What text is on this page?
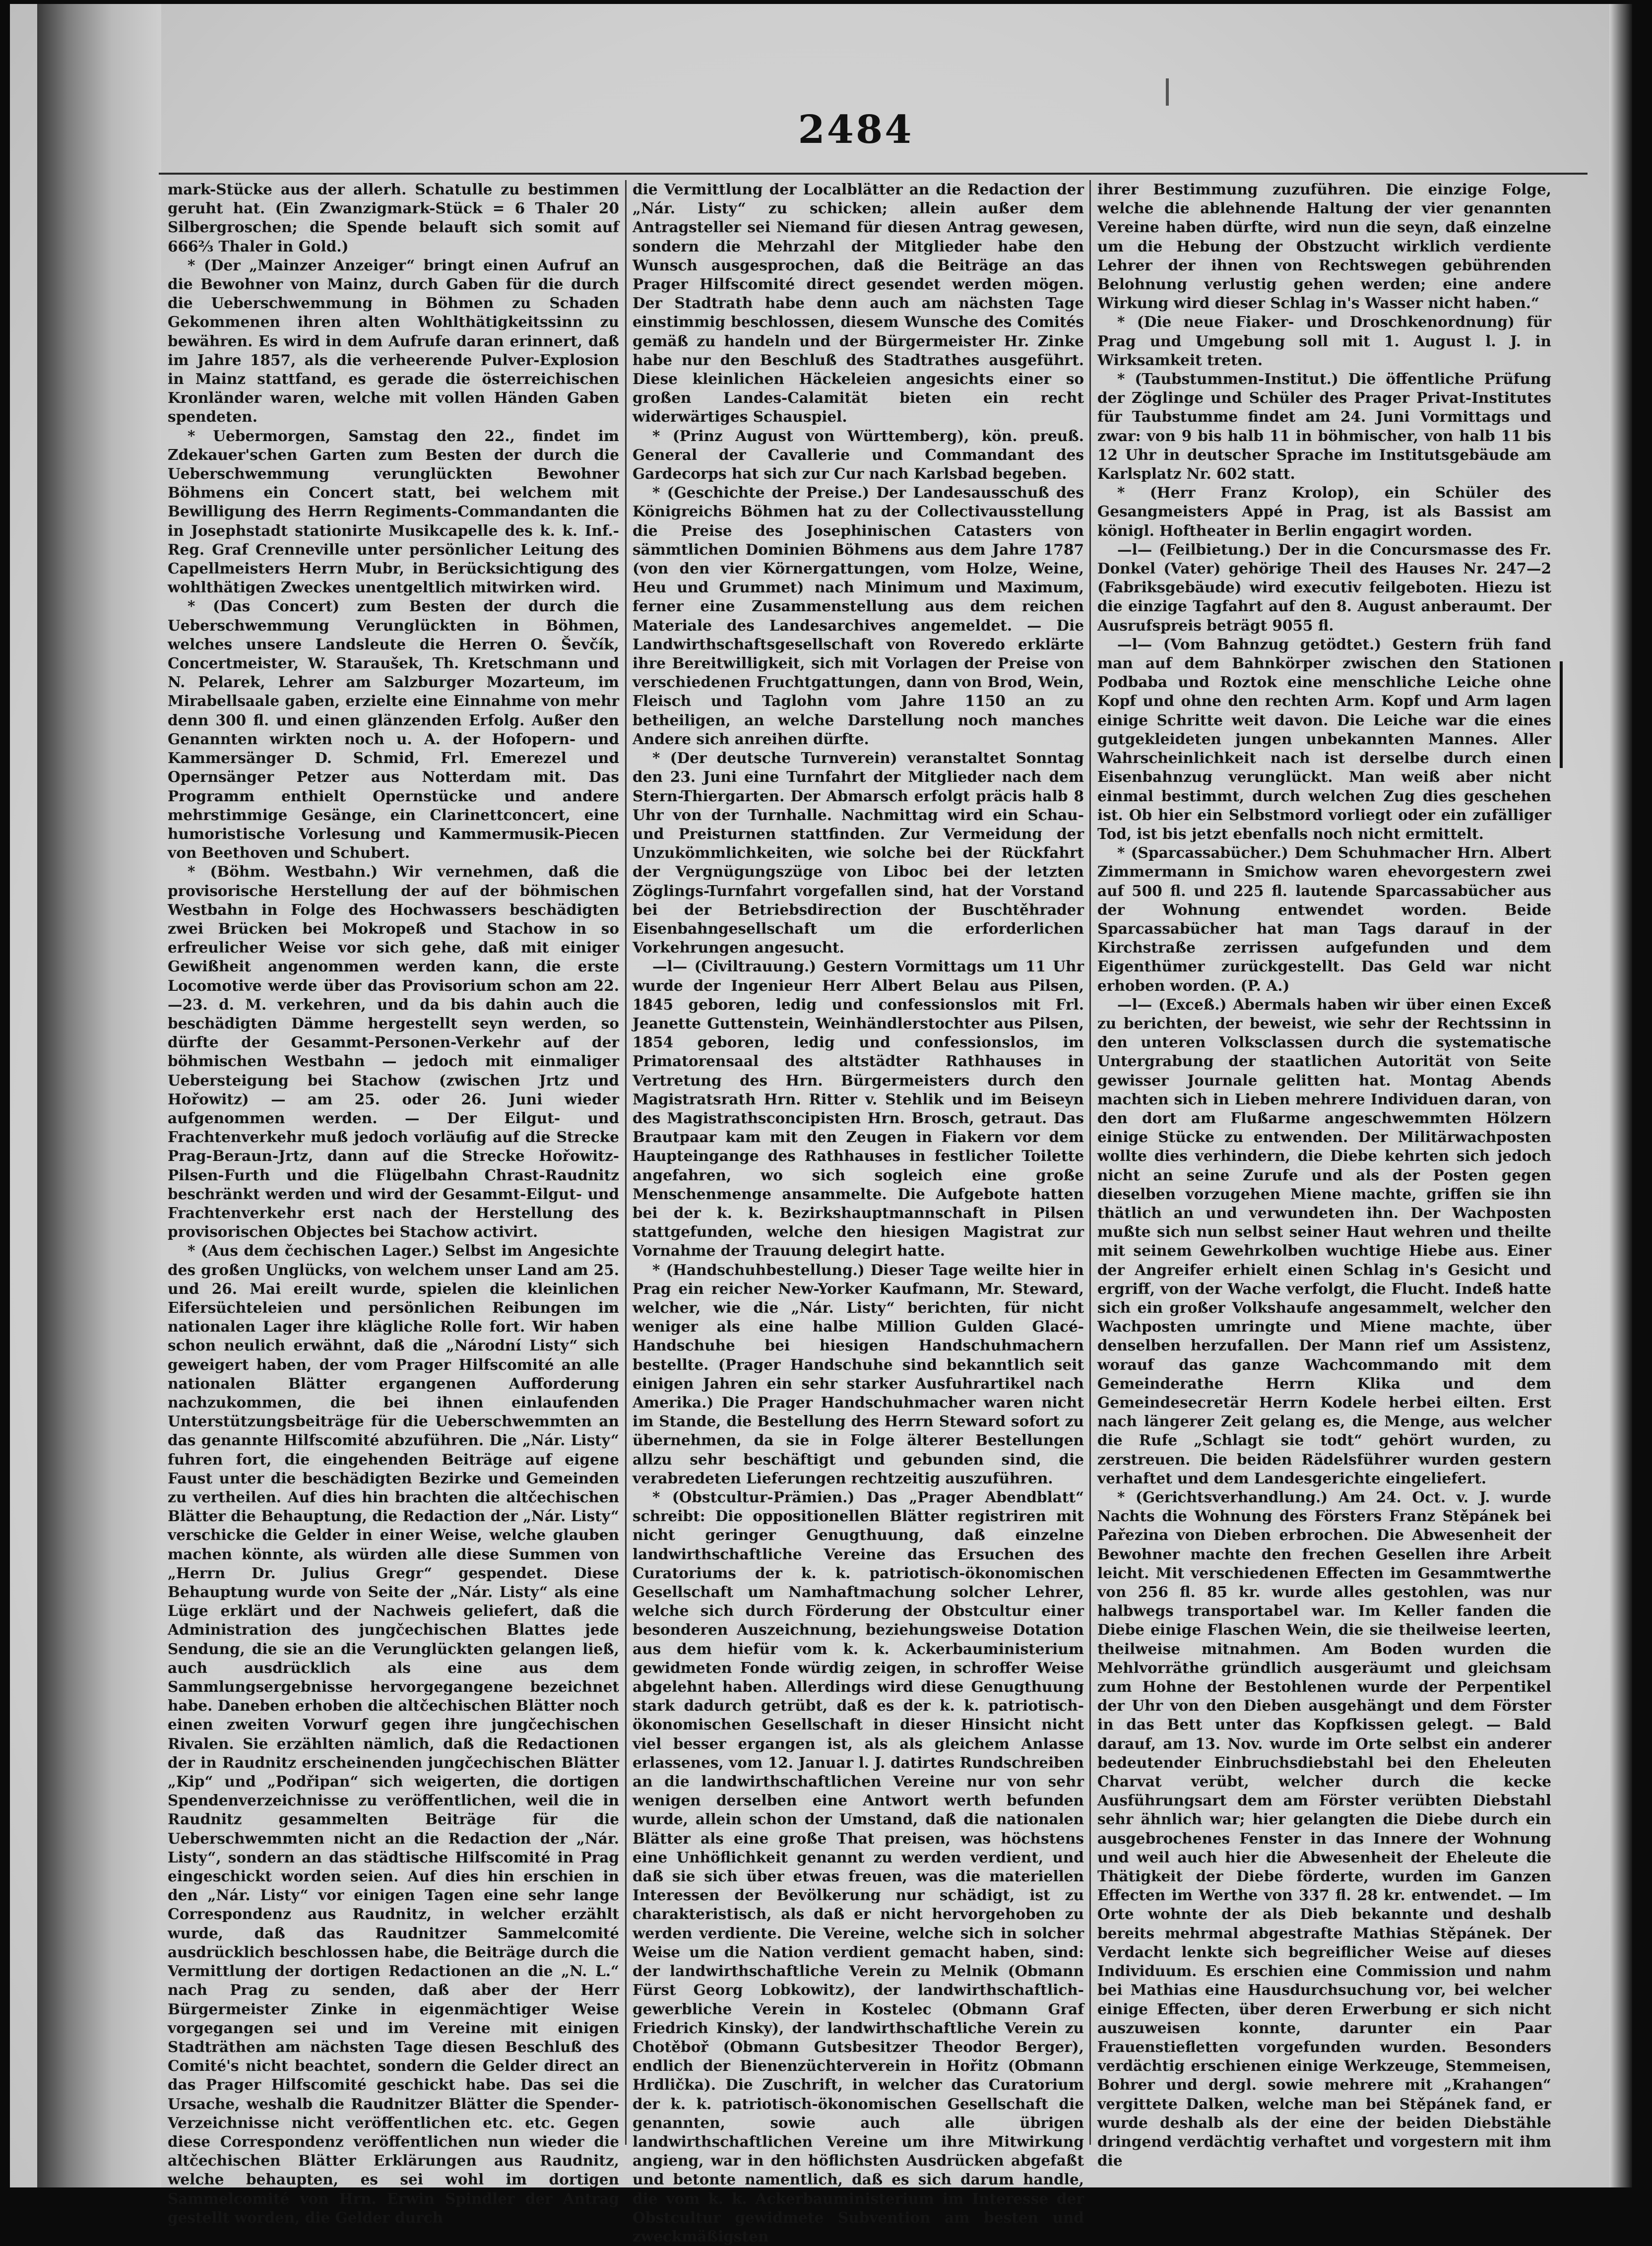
2484

mark-Stücke aus der allerh. Schatulle zu bestimmen geruht hat. (Ein Zwanzigmark-Stück = 6 Thaler 20 Silbergroschen; die Spende belauft sich somit auf 666⅔ Thaler in Gold.)

* (Der „Mainzer Anzeiger“ bringt einen Aufruf an die Bewohner von Mainz, durch Gaben für die durch die Ueberschwemmung in Böhmen zu Schaden Gekommenen ihren alten Wohlthätigkeitssinn zu bewähren. Es wird in dem Aufrufe daran erinnert, daß im Jahre 1857, als die verheerende Pulver-Explosion in Mainz stattfand, es gerade die österreichischen Kronländer waren, welche mit vollen Händen Gaben spendeten.

* Uebermorgen, Samstag den 22., findet im Zdekauer'schen Garten zum Besten der durch die Ueberschwemmung verunglückten Bewohner Böhmens ein Concert statt, bei welchem mit Bewilligung des Herrn Regiments-Commandanten die in Josephstadt stationirte Musikcapelle des k. k. Inf.-Reg. Graf Crenneville unter persönlicher Leitung des Capellmeisters Herrn Mubr, in Berücksichtigung des wohlthätigen Zweckes unentgeltlich mitwirken wird.

* (Das Concert) zum Besten der durch die Ueberschwemmung Verunglückten in Böhmen, welches unsere Landsleute die Herren O. Ševčík, Concertmeister, W. Staraušek, Th. Kretschmann und N. Pelarek, Lehrer am Salzburger Mozarteum, im Mirabellsaale gaben, erzielte eine Einnahme von mehr denn 300 fl. und einen glänzenden Erfolg. Außer den Genannten wirkten noch u. A. der Hofopern- und Kammersänger D. Schmid, Frl. Emerezel und Opernsänger Petzer aus Notterdam mit. Das Programm enthielt Opernstücke und andere mehrstimmige Gesänge, ein Clarinettconcert, eine humoristische Vorlesung und Kammermusik-Piecen von Beethoven und Schubert.

* (Böhm. Westbahn.) Wir vernehmen, daß die provisorische Herstellung der auf der böhmischen Westbahn in Folge des Hochwassers beschädigten zwei Brücken bei Mokropeß und Stachow in so erfreulicher Weise vor sich gehe, daß mit einiger Gewißheit angenommen werden kann, die erste Locomotive werde über das Provisorium schon am 22.—23. d. M. verkehren, und da bis dahin auch die beschädigten Dämme hergestellt seyn werden, so dürfte der Gesammt-Personen-Verkehr auf der böhmischen Westbahn — jedoch mit einmaliger Uebersteigung bei Stachow (zwischen Jrtz und Hořowitz) — am 25. oder 26. Juni wieder aufgenommen werden. — Der Eilgut- und Frachtenverkehr muß jedoch vorläufig auf die Strecke Prag-Beraun-Jrtz, dann auf die Strecke Hořowitz-Pilsen-Furth und die Flügelbahn Chrast-Raudnitz beschränkt werden und wird der Gesammt-Eilgut- und Frachtenverkehr erst nach der Herstellung des provisorischen Objectes bei Stachow activirt.

* (Aus dem čechischen Lager.) Selbst im Angesichte des großen Unglücks, von welchem unser Land am 25. und 26. Mai ereilt wurde, spielen die kleinlichen Eifersüchteleien und persönlichen Reibungen im nationalen Lager ihre klägliche Rolle fort. Wir haben schon neulich erwähnt, daß die „Národní Listy“ sich geweigert haben, der vom Prager Hilfscomité an alle nationalen Blätter ergangenen Aufforderung nachzukommen, die bei ihnen einlaufenden Unterstützungsbeiträge für die Ueberschwemmten an das genannte Hilfscomité abzuführen. Die „Nár. Listy“ fuhren fort, die eingehenden Beiträge auf eigene Faust unter die beschädigten Bezirke und Gemeinden zu vertheilen. Auf dies hin brachten die altčechischen Blätter die Behauptung, die Redaction der „Nár. Listy“ verschicke die Gelder in einer Weise, welche glauben machen könnte, als würden alle diese Summen von „Herrn Dr. Julius Gregr“ gespendet. Diese Behauptung wurde von Seite der „Nár. Listy“ als eine Lüge erklärt und der Nachweis geliefert, daß die Administration des jungčechischen Blattes jede Sendung, die sie an die Verunglückten gelangen ließ, auch ausdrücklich als eine aus dem Sammlungsergebnisse hervorgegangene bezeichnet habe. Daneben erhoben die altčechischen Blätter noch einen zweiten Vorwurf gegen ihre jungčechischen Rivalen. Sie erzählten nämlich, daß die Redactionen der in Raudnitz erscheinenden jungčechischen Blätter „Kip“ und „Podřipan“ sich weigerten, die dortigen Spendenverzeichnisse zu veröffentlichen, weil die in Raudnitz gesammelten Beiträge für die Ueberschwemmten nicht an die Redaction der „Nár. Listy“, sondern an das städtische Hilfscomité in Prag eingeschickt worden seien. Auf dies hin erschien in den „Nár. Listy“ vor einigen Tagen eine sehr lange Correspondenz aus Raudnitz, in welcher erzählt wurde, daß das Raudnitzer Sammelcomité ausdrücklich beschlossen habe, die Beiträge durch die Vermittlung der dortigen Redactionen an die „N. L.“ nach Prag zu senden, daß aber der Herr Bürgermeister Zinke in eigenmächtiger Weise vorgegangen sei und im Vereine mit einigen Stadträthen am nächsten Tage diesen Beschluß des Comité's nicht beachtet, sondern die Gelder direct an das Prager Hilfscomité geschickt habe. Das sei die Ursache, weshalb die Raudnitzer Blätter die Spender-Verzeichnisse nicht veröffentlichen etc. etc. Gegen diese Correspondenz veröffentlichen nun wieder die altčechischen Blätter Erklärungen aus Raudnitz, welche behaupten, es sei wohl im dortigen Sammelcomité von Hrn. Erwin Spindler der Antrag gestellt worden, die Gelder durch

die Vermittlung der Localblätter an die Redaction der „Nár. Listy“ zu schicken; allein außer dem Antragsteller sei Niemand für diesen Antrag gewesen, sondern die Mehrzahl der Mitglieder habe den Wunsch ausgesprochen, daß die Beiträge an das Prager Hilfscomité direct gesendet werden mögen. Der Stadtrath habe denn auch am nächsten Tage einstimmig beschlossen, diesem Wunsche des Comités gemäß zu handeln und der Bürgermeister Hr. Zinke habe nur den Beschluß des Stadtrathes ausgeführt. Diese kleinlichen Häckeleien angesichts einer so großen Landes-Calamität bieten ein recht widerwärtiges Schauspiel.

* (Prinz August von Württemberg), kön. preuß. General der Cavallerie und Commandant des Gardecorps hat sich zur Cur nach Karlsbad begeben.

* (Geschichte der Preise.) Der Landesausschuß des Königreichs Böhmen hat zu der Collectivausstellung die Preise des Josephinischen Catasters von sämmtlichen Dominien Böhmens aus dem Jahre 1787 (von den vier Körnergattungen, vom Holze, Weine, Heu und Grummet) nach Minimum und Maximum, ferner eine Zusammenstellung aus dem reichen Materiale des Landesarchives angemeldet. — Die Landwirthschaftsgesellschaft von Roveredo erklärte ihre Bereitwilligkeit, sich mit Vorlagen der Preise von verschiedenen Fruchtgattungen, dann von Brod, Wein, Fleisch und Taglohn vom Jahre 1150 an zu betheiligen, an welche Darstellung noch manches Andere sich anreihen dürfte.

* (Der deutsche Turnverein) veranstaltet Sonntag den 23. Juni eine Turnfahrt der Mitglieder nach dem Stern-Thiergarten. Der Abmarsch erfolgt präcis halb 8 Uhr von der Turnhalle. Nachmittag wird ein Schau- und Preisturnen stattfinden. Zur Vermeidung der Unzukömmlichkeiten, wie solche bei der Rückfahrt der Vergnügungszüge von Liboc bei der letzten Zöglings-Turnfahrt vorgefallen sind, hat der Vorstand bei der Betriebsdirection der Buschtěhrader Eisenbahngesellschaft um die erforderlichen Vorkehrungen angesucht.

—l— (Civiltrauung.) Gestern Vormittags um 11 Uhr wurde der Ingenieur Herr Albert Belau aus Pilsen, 1845 geboren, ledig und confessionslos mit Frl. Jeanette Guttenstein, Weinhändlerstochter aus Pilsen, 1854 geboren, ledig und confessionslos, im Primatorensaal des altstädter Rathhauses in Vertretung des Hrn. Bürgermeisters durch den Magistratsrath Hrn. Ritter v. Stehlik und im Beiseyn des Magistrathsconcipisten Hrn. Brosch, getraut. Das Brautpaar kam mit den Zeugen in Fiakern vor dem Haupteingange des Rathhauses in festlicher Toilette angefahren, wo sich sogleich eine große Menschenmenge ansammelte. Die Aufgebote hatten bei der k. k. Bezirkshauptmannschaft in Pilsen stattgefunden, welche den hiesigen Magistrat zur Vornahme der Trauung delegirt hatte.

* (Handschuhbestellung.) Dieser Tage weilte hier in Prag ein reicher New-Yorker Kaufmann, Mr. Steward, welcher, wie die „Nár. Listy“ berichten, für nicht weniger als eine halbe Million Gulden Glacé-Handschuhe bei hiesigen Handschuhmachern bestellte. (Prager Handschuhe sind bekanntlich seit einigen Jahren ein sehr starker Ausfuhrartikel nach Amerika.) Die Prager Handschuhmacher waren nicht im Stande, die Bestellung des Herrn Steward sofort zu übernehmen, da sie in Folge älterer Bestellungen allzu sehr beschäftigt und gebunden sind, die verabredeten Lieferungen rechtzeitig auszuführen.

* (Obstcultur-Prämien.) Das „Prager Abendblatt“ schreibt: Die oppositionellen Blätter registriren mit nicht geringer Genugthuung, daß einzelne landwirthschaftliche Vereine das Ersuchen des Curatoriums der k. k. patriotisch-ökonomischen Gesellschaft um Namhaftmachung solcher Lehrer, welche sich durch Förderung der Obstcultur einer besonderen Auszeichnung, beziehungsweise Dotation aus dem hiefür vom k. k. Ackerbauministerium gewidmeten Fonde würdig zeigen, in schroffer Weise abgelehnt haben. Allerdings wird diese Genugthuung stark dadurch getrübt, daß es der k. k. patriotisch-ökonomischen Gesellschaft in dieser Hinsicht nicht viel besser ergangen ist, als als gleichem Anlasse erlassenes, vom 12. Januar l. J. datirtes Rundschreiben an die landwirthschaftlichen Vereine nur von sehr wenigen derselben eine Antwort werth befunden wurde, allein schon der Umstand, daß die nationalen Blätter als eine große That preisen, was höchstens eine Unhöflichkeit genannt zu werden verdient, und daß sie sich über etwas freuen, was die materiellen Interessen der Bevölkerung nur schädigt, ist zu charakteristisch, als daß er nicht hervorgehoben zu werden verdiente. Die Vereine, welche sich in solcher Weise um die Nation verdient gemacht haben, sind: der landwirthschaftliche Verein zu Melnik (Obmann Fürst Georg Lobkowitz), der landwirthschaftlich-gewerbliche Verein in Kostelec (Obmann Graf Friedrich Kinsky), der landwirthschaftliche Verein zu Chotěboř (Obmann Gutsbesitzer Theodor Berger), endlich der Bienenzüchterverein in Hořitz (Obmann Hrdlička). Die Zuschrift, in welcher das Curatorium der k. k. patriotisch-ökonomischen Gesellschaft die genannten, sowie auch alle übrigen landwirthschaftlichen Vereine um ihre Mitwirkung angieng, war in den höflichsten Ausdrücken abgefaßt und betonte namentlich, daß es sich darum handle, die vom k. k. Ackerbauministerium im Interesse der Obstcultur gewidmete Subvention am besten und zweckmäßigsten

ihrer Bestimmung zuzuführen. Die einzige Folge, welche die ablehnende Haltung der vier genannten Vereine haben dürfte, wird nun die seyn, daß einzelne um die Hebung der Obstzucht wirklich verdiente Lehrer der ihnen von Rechtswegen gebührenden Belohnung verlustig gehen werden; eine andere Wirkung wird dieser Schlag in's Wasser nicht haben.“

* (Die neue Fiaker- und Droschkenordnung) für Prag und Umgebung soll mit 1. August l. J. in Wirksamkeit treten.

* (Taubstummen-Institut.) Die öffentliche Prüfung der Zöglinge und Schüler des Prager Privat-Institutes für Taubstumme findet am 24. Juni Vormittags und zwar: von 9 bis halb 11 in böhmischer, von halb 11 bis 12 Uhr in deutscher Sprache im Institutsgebäude am Karlsplatz Nr. 602 statt.

* (Herr Franz Krolop), ein Schüler des Gesangmeisters Appé in Prag, ist als Bassist am königl. Hoftheater in Berlin engagirt worden.

—l— (Feilbietung.) Der in die Concursmasse des Fr. Donkel (Vater) gehörige Theil des Hauses Nr. 247—2 (Fabriksgebäude) wird executiv feilgeboten. Hiezu ist die einzige Tagfahrt auf den 8. August anberaumt. Der Ausrufspreis beträgt 9055 fl.

—l— (Vom Bahnzug getödtet.) Gestern früh fand man auf dem Bahnkörper zwischen den Stationen Podbaba und Roztok eine menschliche Leiche ohne Kopf und ohne den rechten Arm. Kopf und Arm lagen einige Schritte weit davon. Die Leiche war die eines gutgekleideten jungen unbekannten Mannes. Aller Wahrscheinlichkeit nach ist derselbe durch einen Eisenbahnzug verunglückt. Man weiß aber nicht einmal bestimmt, durch welchen Zug dies geschehen ist. Ob hier ein Selbstmord vorliegt oder ein zufälliger Tod, ist bis jetzt ebenfalls noch nicht ermittelt.

* (Sparcassabücher.) Dem Schuhmacher Hrn. Albert Zimmermann in Smichow waren ehevorgestern zwei auf 500 fl. und 225 fl. lautende Sparcassabücher aus der Wohnung entwendet worden. Beide Sparcassabücher hat man Tags darauf in der Kirchstraße zerrissen aufgefunden und dem Eigenthümer zurückgestellt. Das Geld war nicht erhoben worden. (P. A.)

—l— (Exceß.) Abermals haben wir über einen Exceß zu berichten, der beweist, wie sehr der Rechtssinn in den unteren Volksclassen durch die systematische Untergrabung der staatlichen Autorität von Seite gewisser Journale gelitten hat. Montag Abends machten sich in Lieben mehrere Individuen daran, von den dort am Flußarme angeschwemmten Hölzern einige Stücke zu entwenden. Der Militärwachposten wollte dies verhindern, die Diebe kehrten sich jedoch nicht an seine Zurufe und als der Posten gegen dieselben vorzugehen Miene machte, griffen sie ihn thätlich an und verwundeten ihn. Der Wachposten mußte sich nun selbst seiner Haut wehren und theilte mit seinem Gewehrkolben wuchtige Hiebe aus. Einer der Angreifer erhielt einen Schlag in's Gesicht und ergriff, von der Wache verfolgt, die Flucht. Indeß hatte sich ein großer Volkshaufe angesammelt, welcher den Wachposten umringte und Miene machte, über denselben herzufallen. Der Mann rief um Assistenz, worauf das ganze Wachcommando mit dem Gemeinderathe Herrn Klika und dem Gemeindesecretär Herrn Kodele herbei eilten. Erst nach längerer Zeit gelang es, die Menge, aus welcher die Rufe „Schlagt sie todt“ gehört wurden, zu zerstreuen. Die beiden Rädelsführer wurden gestern verhaftet und dem Landesgerichte eingeliefert.

* (Gerichtsverhandlung.) Am 24. Oct. v. J. wurde Nachts die Wohnung des Försters Franz Stěpánek bei Pařezina von Dieben erbrochen. Die Abwesenheit der Bewohner machte den frechen Gesellen ihre Arbeit leicht. Mit verschiedenen Effecten im Gesammtwerthe von 256 fl. 85 kr. wurde alles gestohlen, was nur halbwegs transportabel war. Im Keller fanden die Diebe einige Flaschen Wein, die sie theilweise leerten, theilweise mitnahmen. Am Boden wurden die Mehlvorräthe gründlich ausgeräumt und gleichsam zum Hohne der Bestohlenen wurde der Perpentikel der Uhr von den Dieben ausgehängt und dem Förster in das Bett unter das Kopfkissen gelegt. — Bald darauf, am 13. Nov. wurde im Orte selbst ein anderer bedeutender Einbruchsdiebstahl bei den Eheleuten Charvat verübt, welcher durch die kecke Ausführungsart dem am Förster verübten Diebstahl sehr ähnlich war; hier gelangten die Diebe durch ein ausgebrochenes Fenster in das Innere der Wohnung und weil auch hier die Abwesenheit der Eheleute die Thätigkeit der Diebe förderte, wurden im Ganzen Effecten im Werthe von 337 fl. 28 kr. entwendet. — Im Orte wohnte der als Dieb bekannte und deshalb bereits mehrmal abgestrafte Mathias Stěpánek. Der Verdacht lenkte sich begreiflicher Weise auf dieses Individuum. Es erschien eine Commission und nahm bei Mathias eine Hausdurchsuchung vor, bei welcher einige Effecten, über deren Erwerbung er sich nicht auszuweisen konnte, darunter ein Paar Frauenstiefletten vorgefunden wurden. Besonders verdächtig erschienen einige Werkzeuge, Stemmeisen, Bohrer und dergl. sowie mehrere mit „Krahangen“ vergittete Dalken, welche man bei Stěpánek fand, er wurde deshalb als der eine der beiden Diebstähle dringend verdächtig verhaftet und vorgestern mit ihm die
